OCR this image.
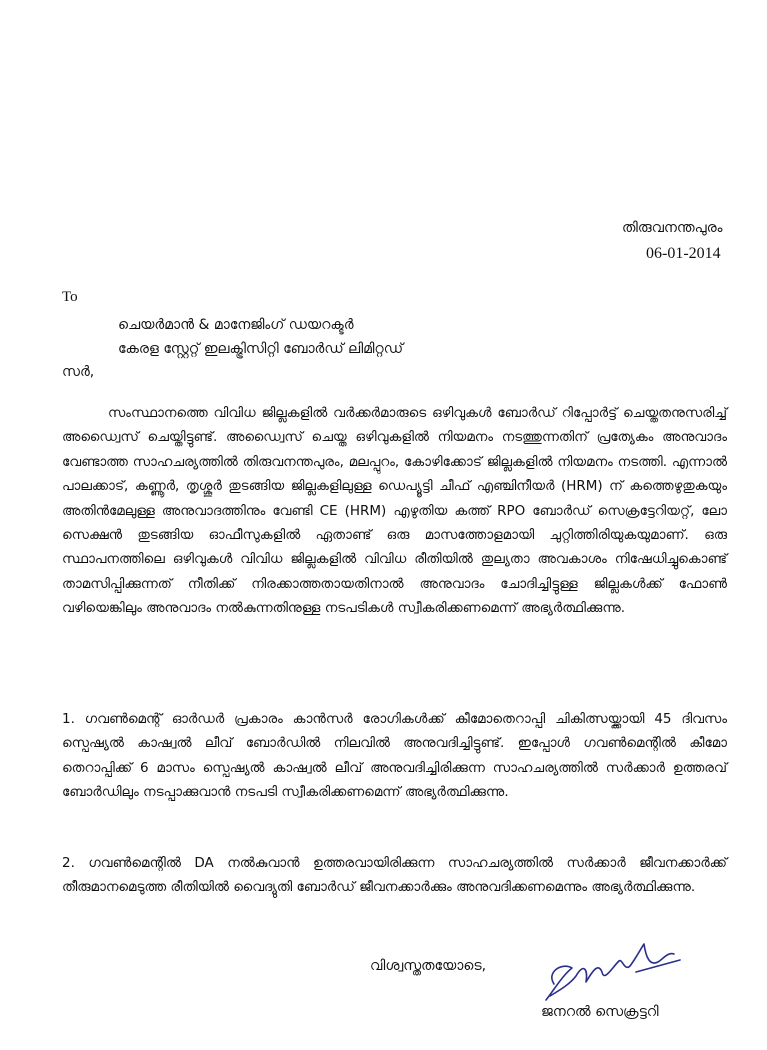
തിരുവനന്തപുരം
06-01-2014
To
ചെയർമാൻ & മാനേജിംഗ് ഡയറക്ടർ
കേരള സ്റ്റേറ്റ് ഇലക്ട്രിസിറ്റി ബോർഡ് ലിമിറ്റഡ്
സർ,
സംസ്ഥാനത്തെ വിവിധ ജില്ലകളിൽ വർക്കർമാരുടെ ഒഴിവുകൾ ബോർഡ് റിപ്പോർട്ട് ചെയ്തതനുസരിച്ച് അഡ്വൈസ് ചെയ്തിട്ടുണ്ട്. അഡ്വൈസ് ചെയ്ത ഒഴിവുകളിൽ നിയമനം നടത്തുന്നതിന് പ്രത്യേകം അനുവാദം വേണ്ടാത്ത സാഹചര്യത്തിൽ തിരുവനന്തപുരം, മലപ്പുറം, കോഴിക്കോട് ജില്ലകളിൽ നിയമനം നടത്തി. എന്നാൽ പാലക്കാട്, കണ്ണൂർ, തൃശ്ശൂർ തുടങ്ങിയ ജില്ലകളിലുള്ള ഡെപ്യൂട്ടി ചീഫ് എഞ്ചിനീയർ (HRM) ന് കത്തെഴുതുകയും അതിൻമേലുള്ള അനുവാദത്തിനും വേണ്ടി CE (HRM) എഴുതിയ കത്ത് RPO ബോർഡ് സെക്രട്ടേറിയറ്റ്, ലോ സെക്ഷൻ തുടങ്ങിയ ഓഫീസുകളിൽ ഏതാണ്ട് ഒരു മാസത്തോളമായി ചുറ്റിത്തിരിയുകയുമാണ്. ഒരു സ്ഥാപനത്തിലെ ഒഴിവുകൾ വിവിധ ജില്ലകളിൽ വിവിധ രീതിയിൽ തുല്യതാ അവകാശം നിഷേധിച്ചുകൊണ്ട് താമസിപ്പിക്കുന്നത് നീതിക്ക് നിരക്കാത്തതായതിനാൽ അനുവാദം ചോദിച്ചിട്ടുള്ള ജില്ലകൾക്ക് ഫോൺ വഴിയെങ്കിലും അനുവാദം നൽകുന്നതിനുള്ള നടപടികൾ സ്വീകരിക്കണമെന്ന് അഭ്യർത്ഥിക്കുന്നു.
1. ഗവൺമെന്റ് ഓർഡർ പ്രകാരം കാൻസർ രോഗികൾക്ക് കീമോതെറാപ്പി ചികിത്സയ്ക്കായി 45 ദിവസം സ്പെഷ്യൽ കാഷ്വൽ ലീവ് ബോർഡിൽ നിലവിൽ അനുവദിച്ചിട്ടുണ്ട്. ഇപ്പോൾ ഗവൺമെന്റിൽ കീമോ തെറാപ്പിക്ക് 6 മാസം സ്പെഷ്യൽ കാഷ്വൽ ലീവ് അനുവദിച്ചിരിക്കുന്ന സാഹചര്യത്തിൽ സർക്കാർ ഉത്തരവ് ബോർഡിലും നടപ്പാക്കുവാൻ നടപടി സ്വീകരിക്കണമെന്ന് അഭ്യർത്ഥിക്കുന്നു.
2. ഗവൺമെന്റിൽ DA നൽകുവാൻ ഉത്തരവായിരിക്കുന്ന സാഹചര്യത്തിൽ സർക്കാർ ജീവനക്കാർക്ക് തീരുമാനമെടുത്ത രീതിയിൽ വൈദ്യുതി ബോർഡ് ജീവനക്കാർക്കും അനുവദിക്കണമെന്നും അഭ്യർത്ഥിക്കുന്നു.
വിശ്വസ്തതയോടെ,
ജനറൽ സെക്രട്ടറി
